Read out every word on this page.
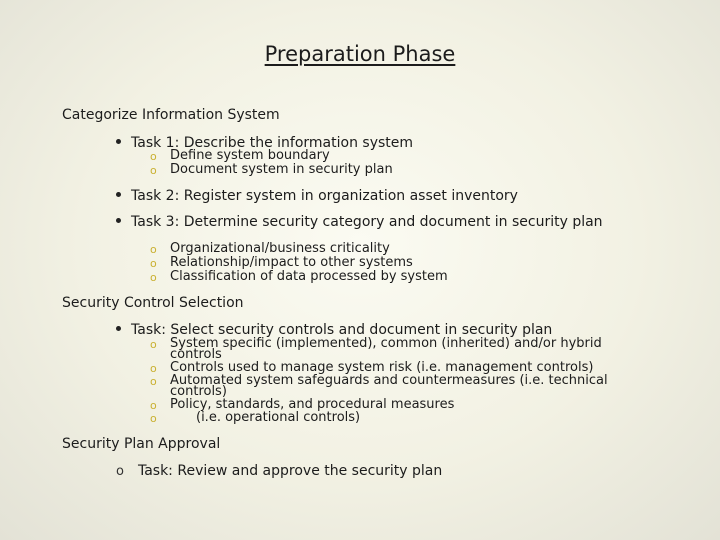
Preparation Phase
Categorize Information System
Task 1: Describe the information system
o Define system boundary
o Document system in security plan
Task 2: Register system in organization asset inventory
Task 3: Determine security category and document in security plan
o Organizational/business criticality
o Relationship/impact to other systems
o Classification of data processed by system
Security Control Selection
Task: Select security controls and document in security plan
o System specific (implemented), common (inherited) and/or hybrid
controls
o Controls used to manage system risk (i.e. management controls)
o Automated system safeguards and countermeasures (i.e. technical
controls)
o Policy, standards, and procedural measures
o	(i.e. operational controls)
Security Plan Approval
o Task: Review and approve the security plan
